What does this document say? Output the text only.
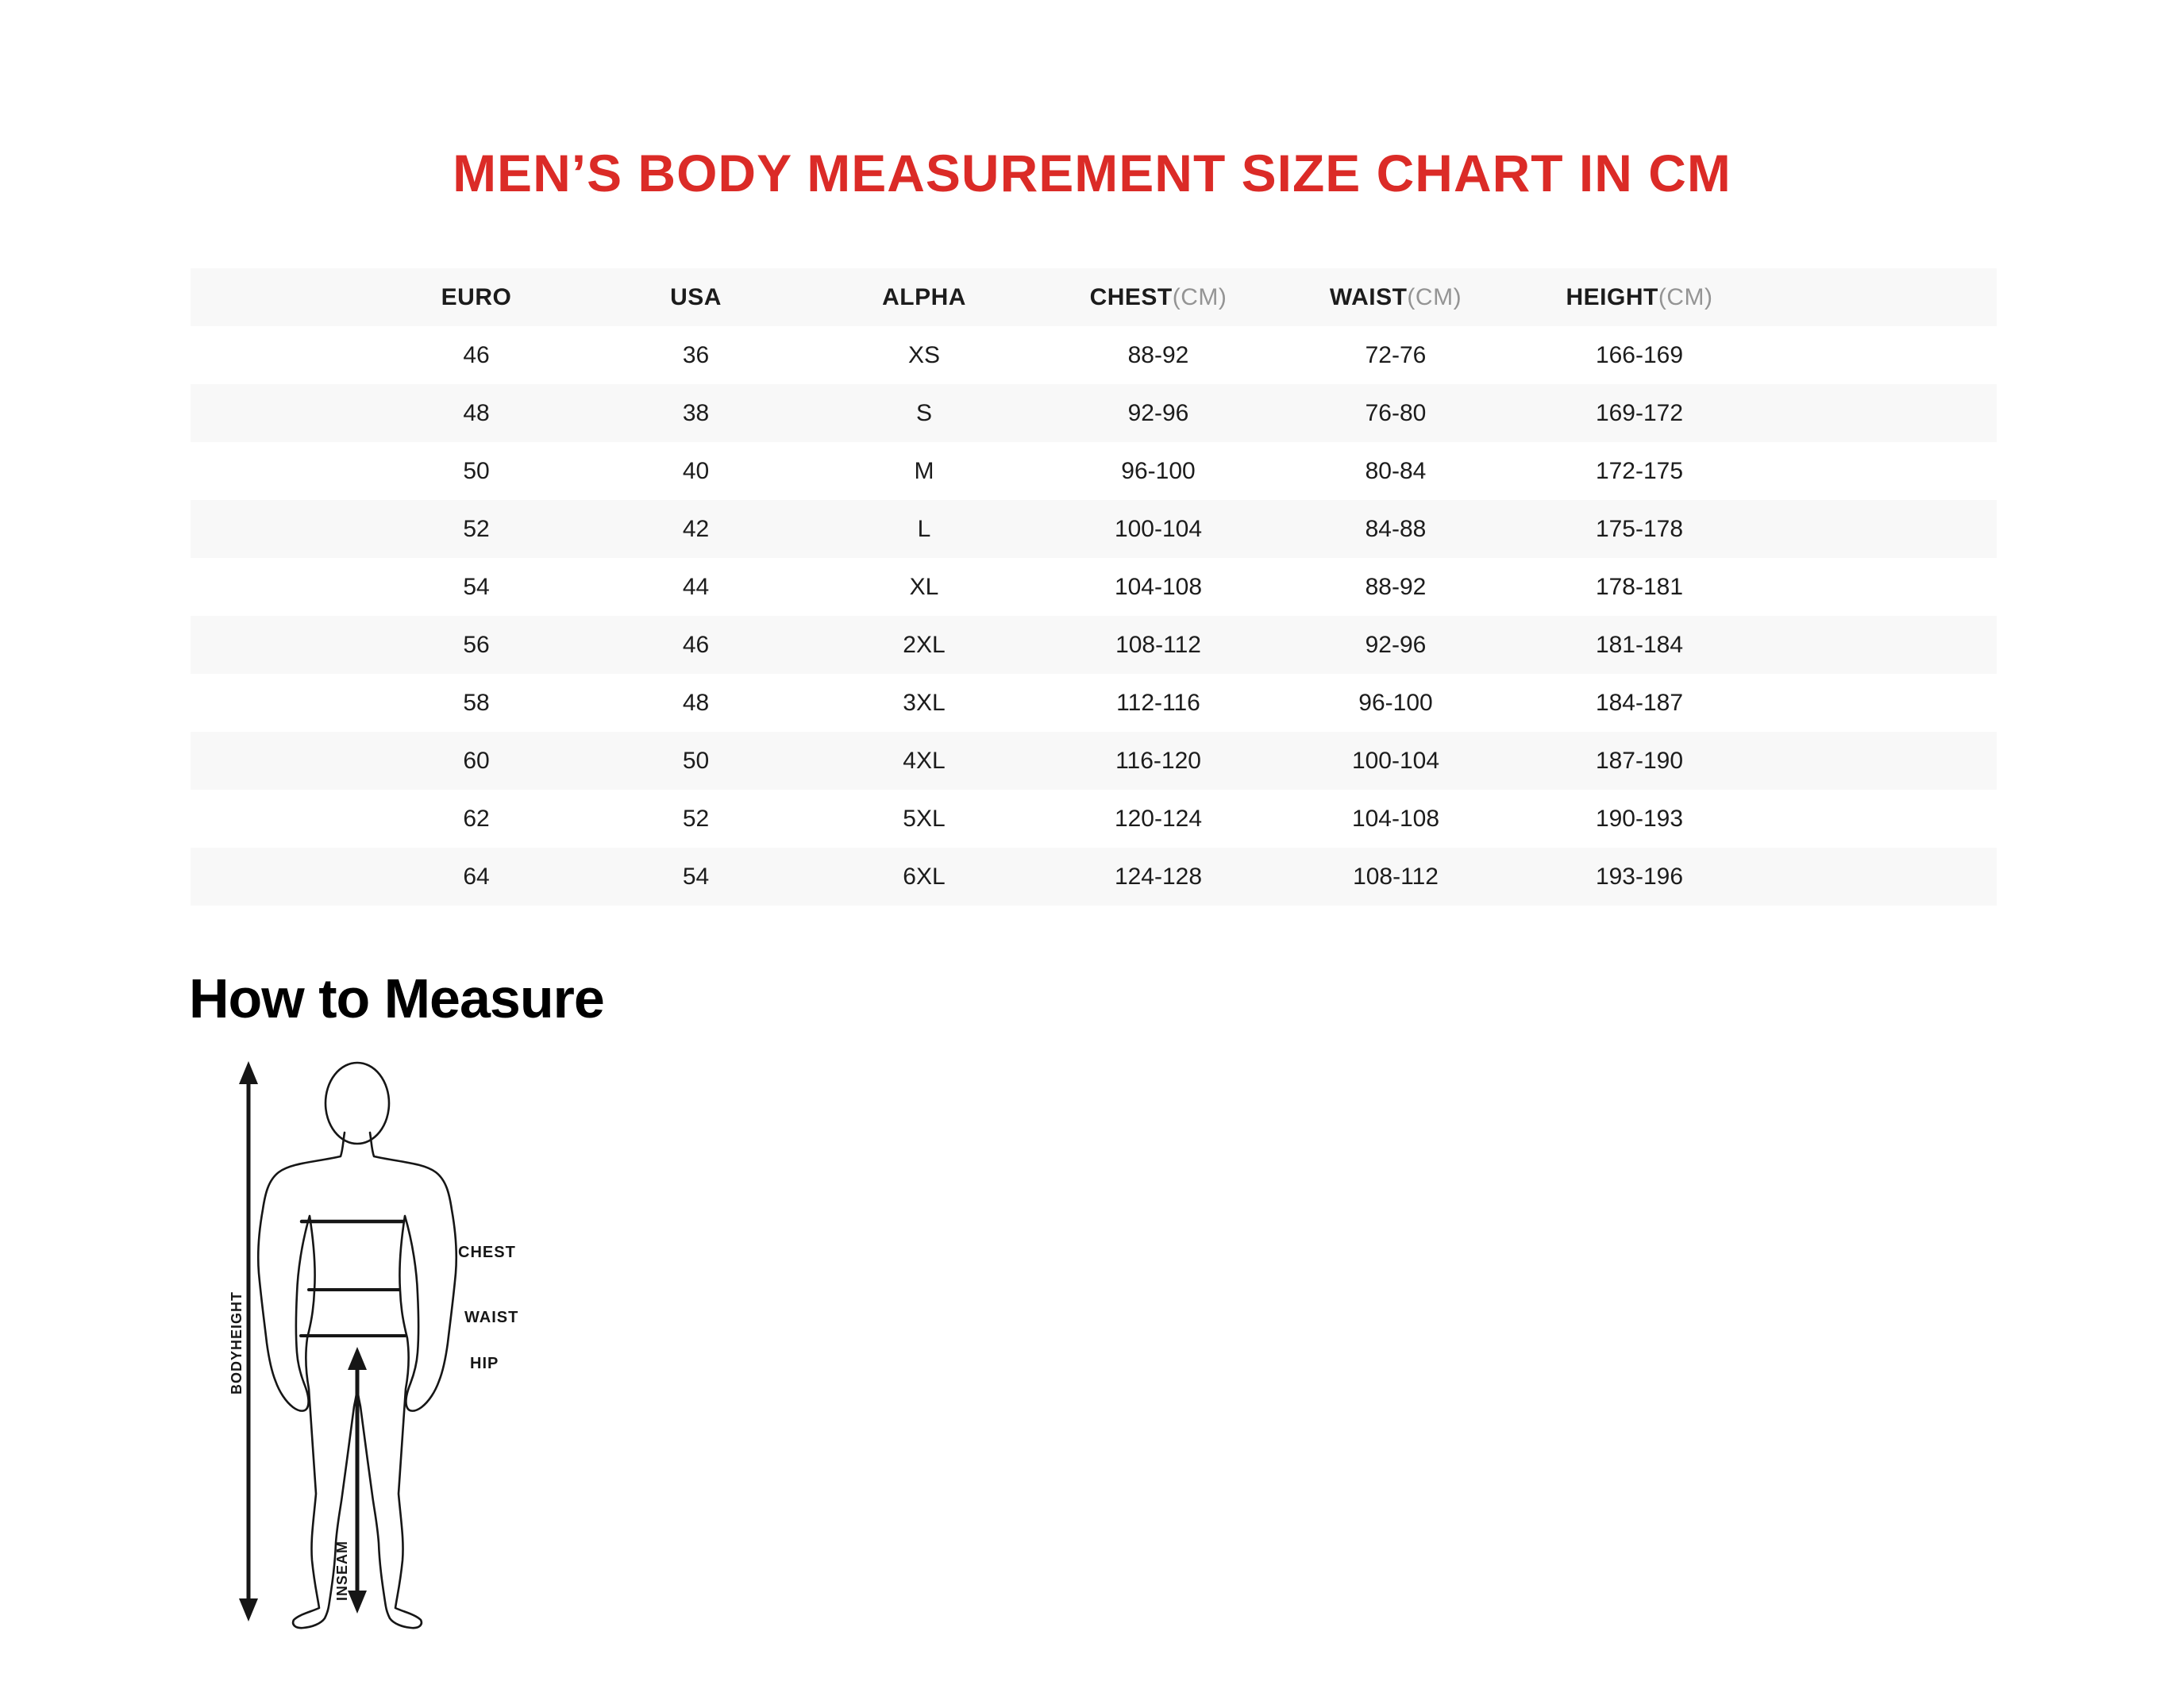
MEN’S BODY MEASUREMENT SIZE CHART IN CM
EURO	USA	ALPHA	CHEST(CM)	WAIST(CM)	HEIGHT(CM)
46	36	XS	88-92	72-76	166-169
48	38	S	92-96	76-80	169-172
50	40	M	96-100	80-84	172-175
52	42	L	100-104	84-88	175-178
54	44	XL	104-108	88-92	178-181
56	46	2XL	108-112	92-96	181-184
58	48	3XL	112-116	96-100	184-187
60	50	4XL	116-120	100-104	187-190
62	52	5XL	120-124	104-108	190-193
64	54	6XL	124-128	108-112	193-196
How to Measure
CHEST
WAIST
HIP
BODYHEIGHT
INSEAM
